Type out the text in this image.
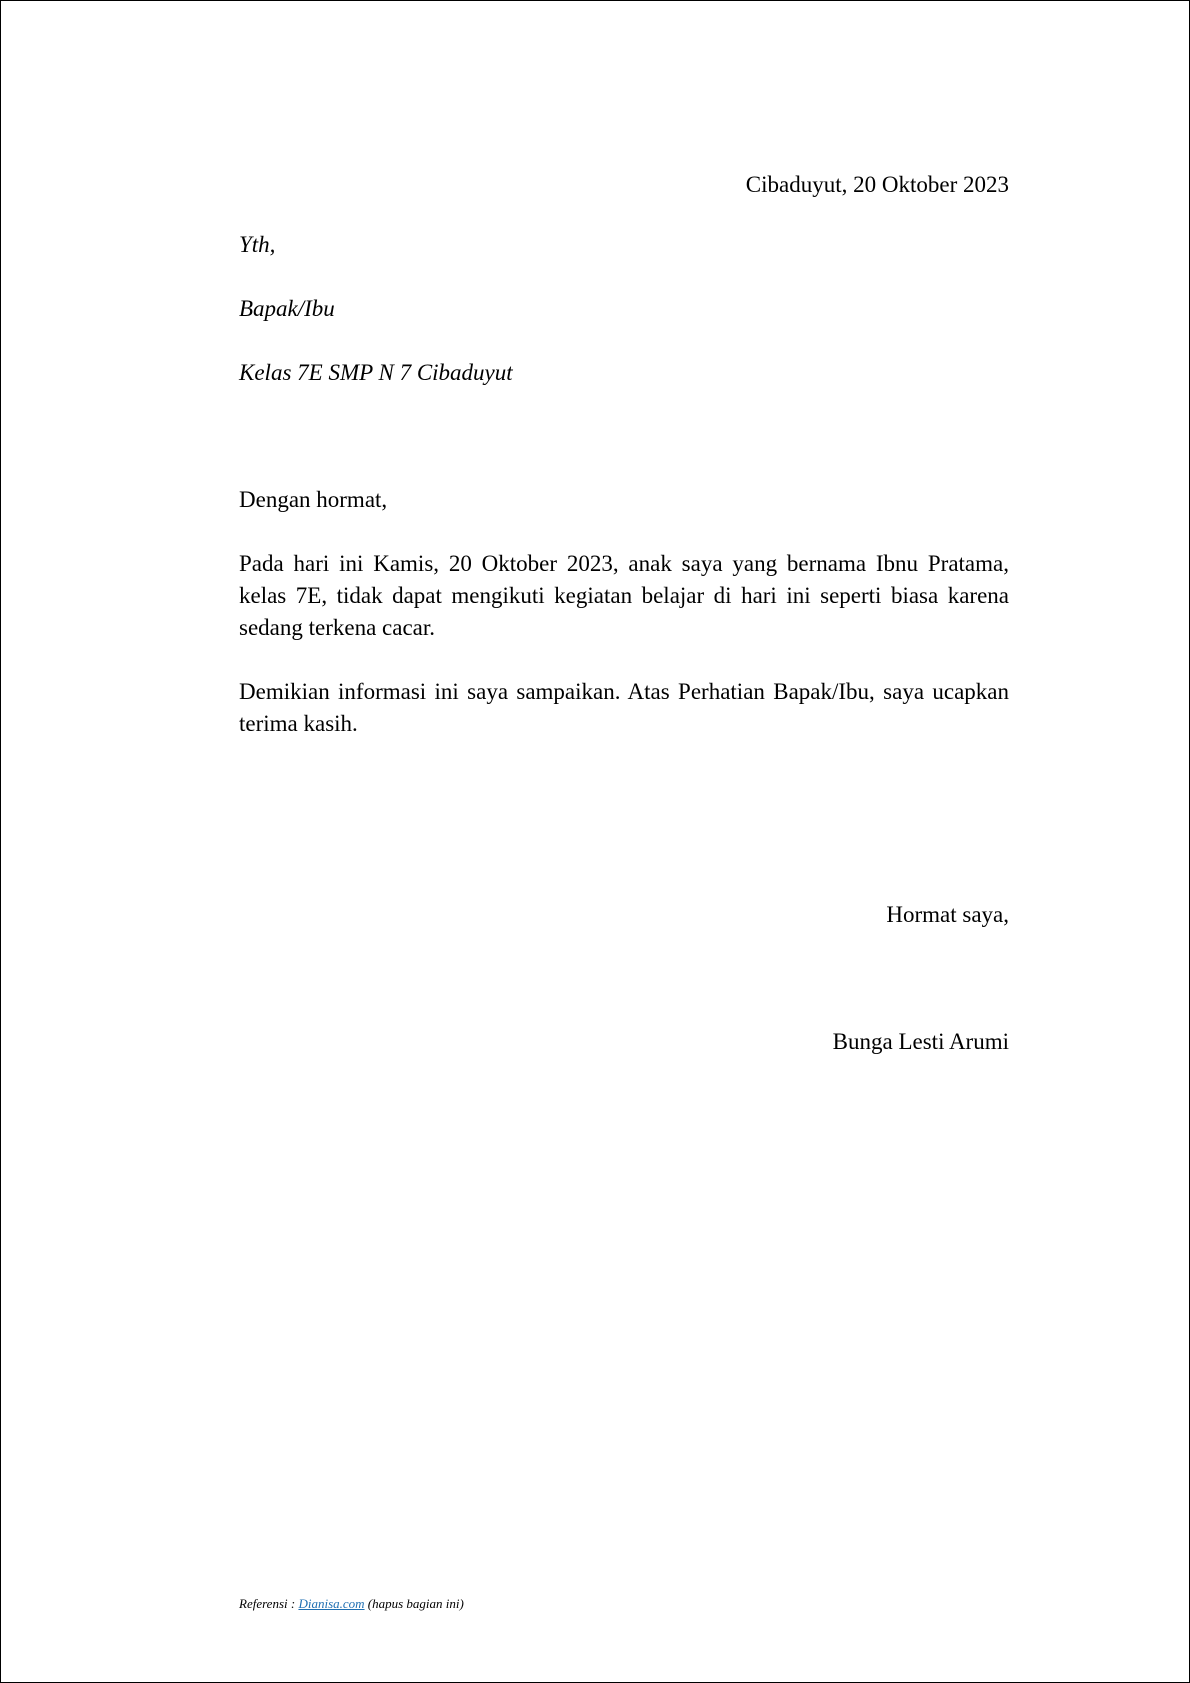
Cibaduyut, 20 Oktober 2023
Yth,
Bapak/Ibu
Kelas 7E SMP N 7 Cibaduyut
Dengan hormat,
Pada hari ini Kamis, 20 Oktober 2023, anak saya yang bernama Ibnu Pratama, kelas 7E, tidak dapat mengikuti kegiatan belajar di hari ini seperti biasa karena sedang terkena cacar.
Demikian informasi ini saya sampaikan. Atas Perhatian Bapak/Ibu, saya ucapkan terima kasih.
Hormat saya,
Bunga Lesti Arumi
Referensi : Dianisa.com (hapus bagian ini)
